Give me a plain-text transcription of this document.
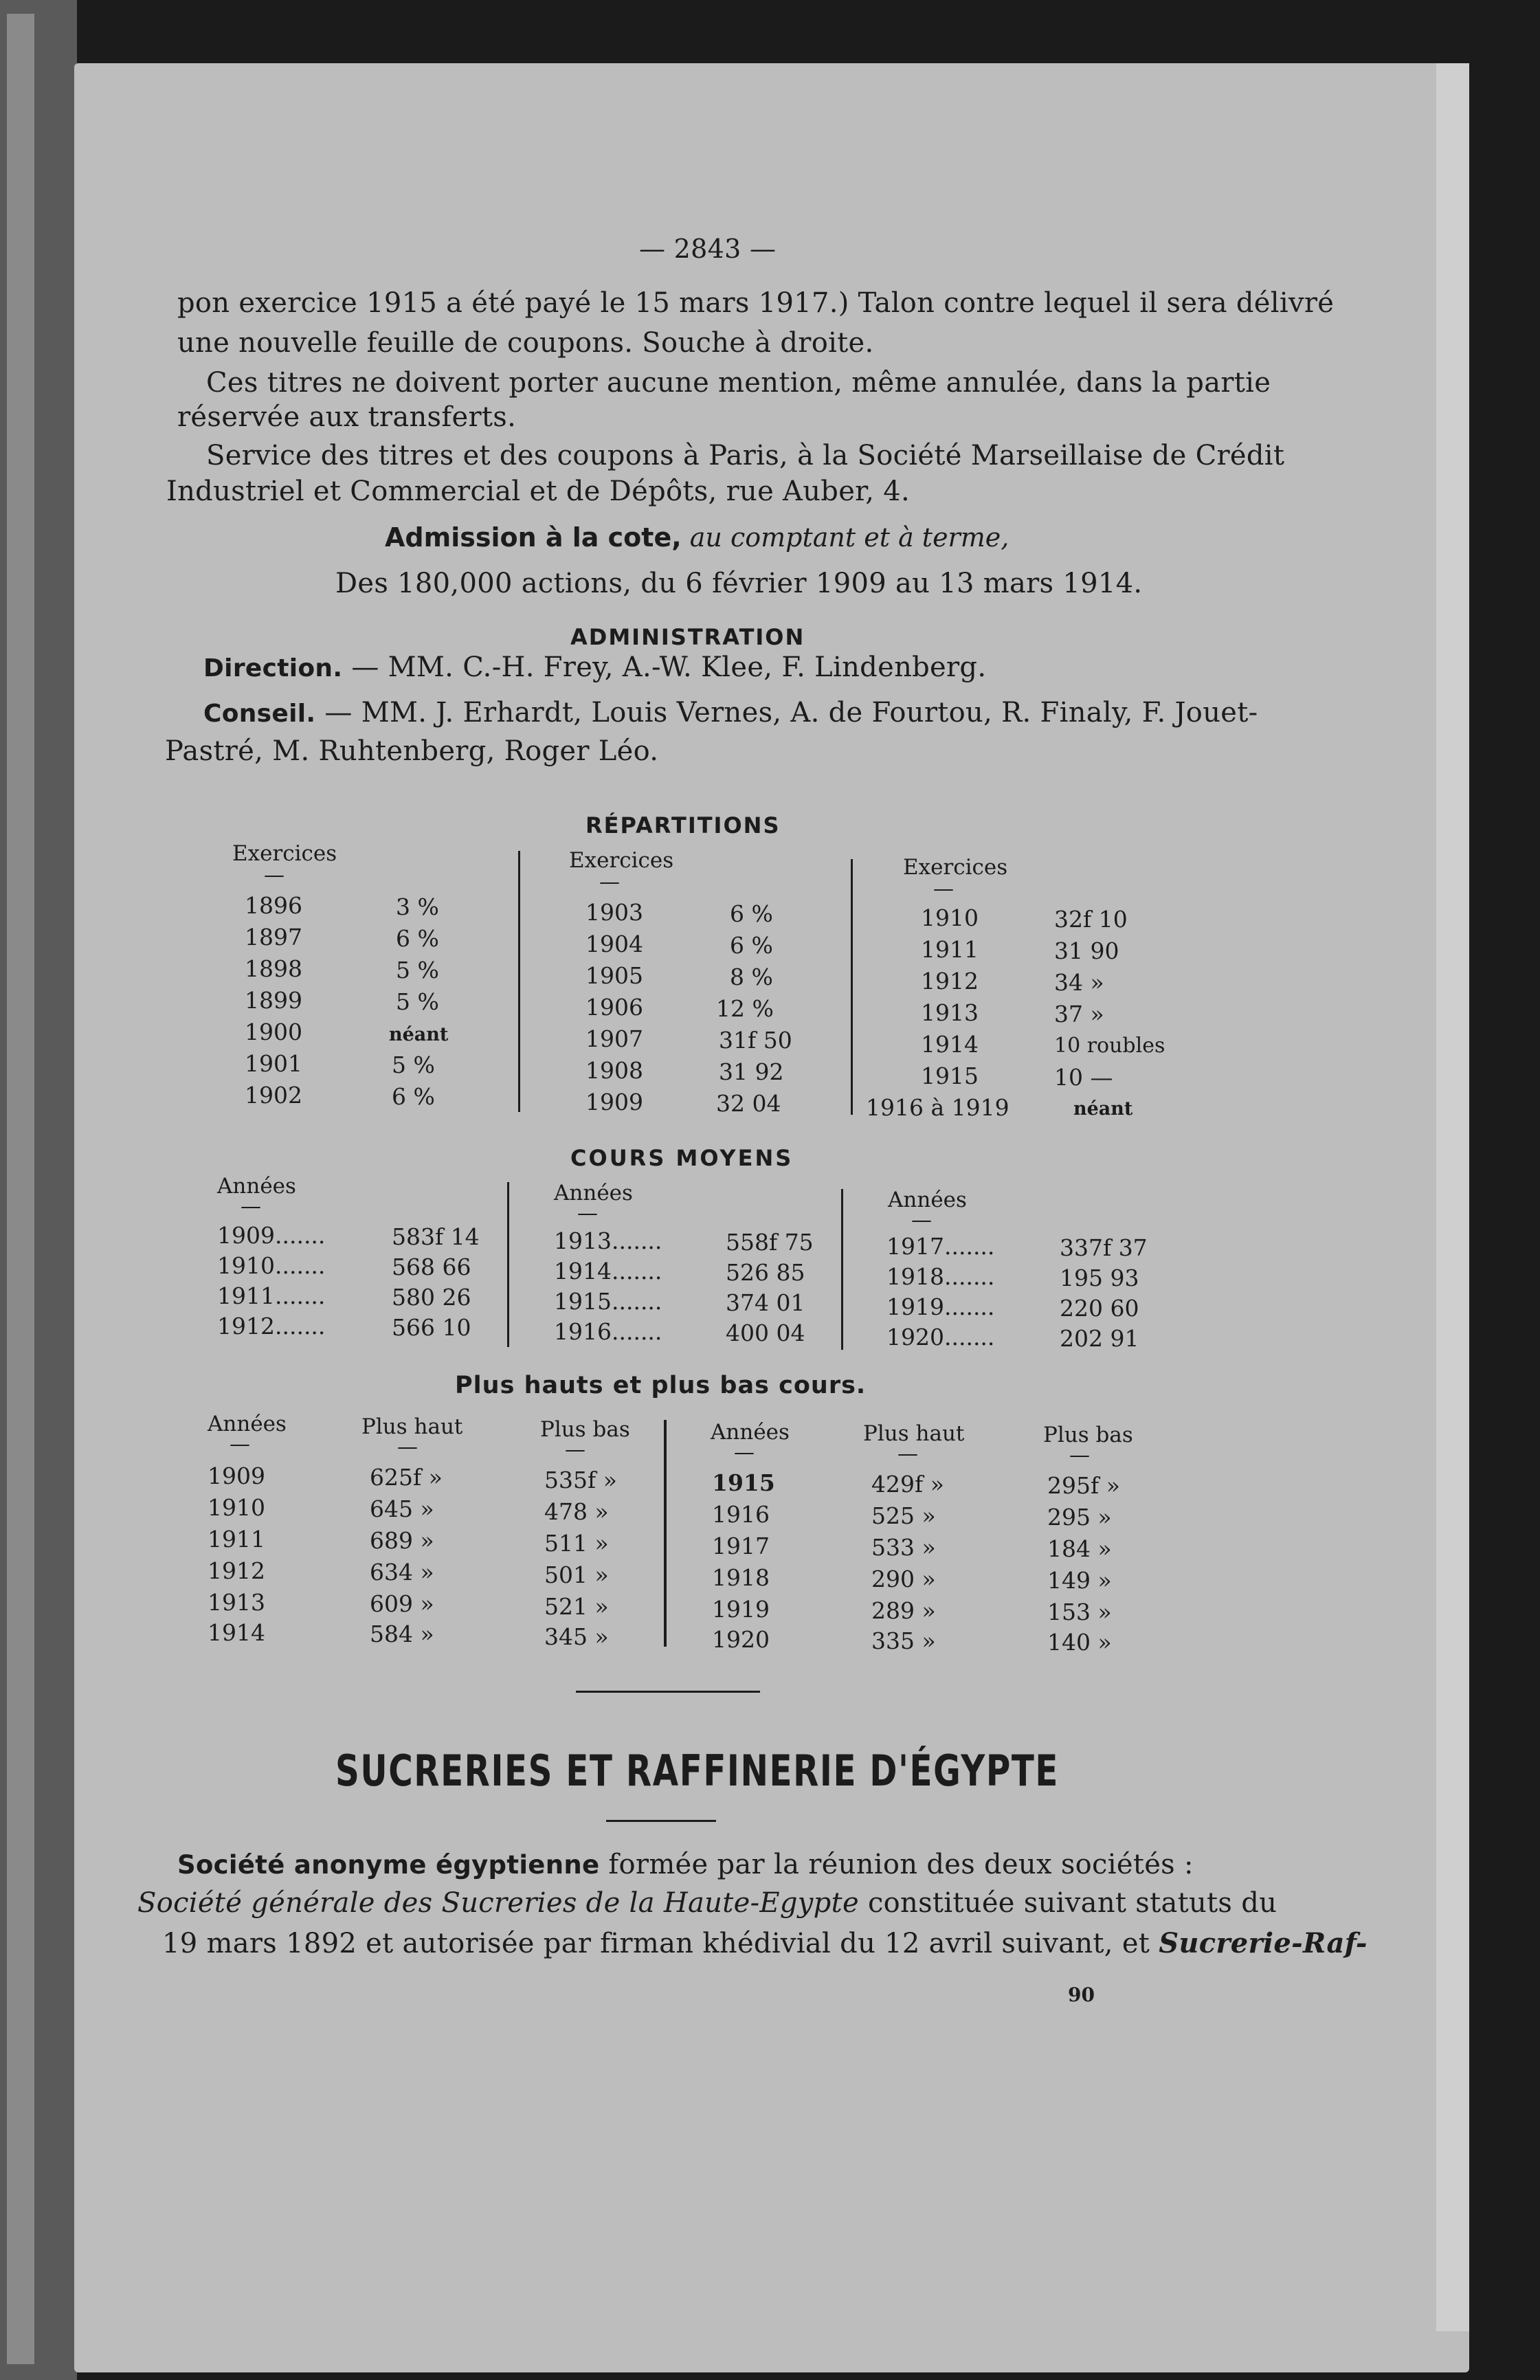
— 2843 —
pon exercice 1915 a été payé le 15 mars 1917.) Talon contre lequel il sera délivré
une nouvelle feuille de coupons. Souche à droite.
Ces titres ne doivent porter aucune mention, même annulée, dans la partie
réservée aux transferts.
Service des titres et des coupons à Paris, à la Société Marseillaise de Crédit
Industriel et Commercial et de Dépôts, rue Auber, 4.
Admission à la cote, au comptant et à terme,
Des 180,000 actions, du 6 février 1909 au 13 mars 1914.
ADMINISTRATION
Direction. — MM. C.-H. Frey, A.-W. Klee, F. Lindenberg.
Conseil. — MM. J. Erhardt, Louis Vernes, A. de Fourtou, R. Finaly, F. Jouet-
Pastré, M. Ruhtenberg, Roger Léo.
RÉPARTITIONS
Exercices
—
Exercices
—
Exercices
—
1896
1897
1898
1899
1900
1901
1902
3 %
6 %
5 %
5 %
néant
5 %
6 %
1903
1904
1905
1906
1907
1908
1909
6 %
6 %
8 %
12 %
31f 50
31 92
32 04
1910
1911
1912
1913
1914
1915
1916 à 1919
32f 10
31 90
34 »
37 »
10 roubles
10 —
néant
COURS MOYENS
Années
—
Années
—
Années
—
1909.......
1910.......
1911.......
1912.......
583f 14
568 66
580 26
566 10
1913.......
1914.......
1915.......
1916.......
558f 75
526 85
374 01
400 04
1917.......
1918.......
1919.......
1920.......
337f 37
195 93
220 60
202 91
Plus hauts et plus bas cours.
Années
—
Plus haut
—
Plus bas
—
Années
—
Plus haut
—
Plus bas
—
1909
1910
1911
1912
1913
1914
625f »
645 »
689 »
634 »
609 »
584 »
535f »
478 »
511 »
501 »
521 »
345 »
1915
1916
1917
1918
1919
1920
429f »
525 »
533 »
290 »
289 »
335 »
295f »
295 »
184 »
149 »
153 »
140 »
SUCRERIES ET RAFFINERIE D'ÉGYPTE
Société anonyme égyptienne formée par la réunion des deux sociétés :
Société générale des Sucreries de la Haute-Egypte constituée suivant statuts du
19 mars 1892 et autorisée par firman khédivial du 12 avril suivant, et Sucrerie-Raf-
90
